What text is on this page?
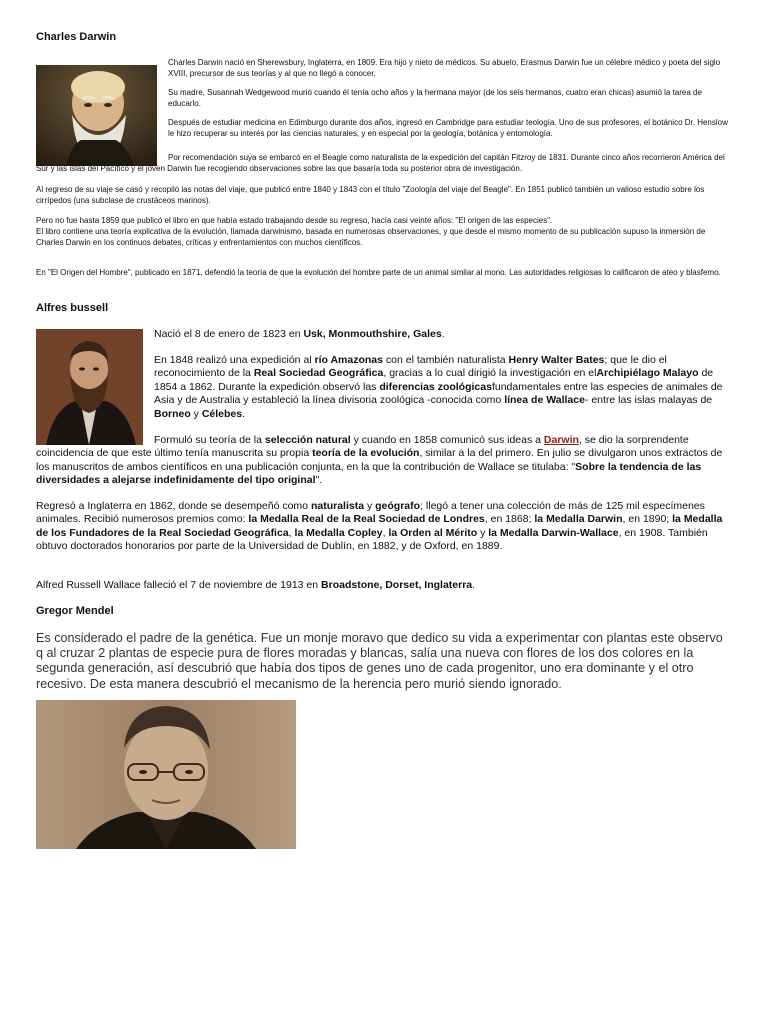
Charles Darwin

Charles Darwin nació en Sherewsbury, Inglaterra, en 1809. Era hijo y nieto de médicos. Su abuelo, Erasmus Darwin fue un célebre médico y poeta del siglo XVIII, precursor de sus teorías y al que no llegó a conocer.

Su madre, Susannah Wedgewood murió cuando él tenía ocho años y la hermana mayor (de los seis hermanos, cuatro eran chicas) asumió la tarea de educarlo.

Después de estudiar medicina en Edimburgo durante dos años, ingresó en Cambridge para estudiar teología. Uno de sus profesores, el botánico Dr. Henslow le hizo recuperar su interés por las ciencias naturales, y en especial por la geología, botánica y entomología.

Por recomendación suya se embarcó en el Beagle como naturalista de la expedición del capitán Fitzroy de 1831. Durante cinco años recorrieron América del Sur y las islas del Pacífico y el joven Darwin fue recogiendo observaciones sobre las que basaría toda su posterior obra de investigación.
Al regreso de su viaje se casó y recopiló las notas del viaje, que publicó entre 1840 y 1843 con el título "Zoología del viaje del Beagle". En 1851 publicó también un valioso estudio sobre los cirrípedos (una subclase de crustáceos marinos).
Pero no fue hasta 1859 que publicó el libro en que había estado trabajando desde su regreso, hacía casi veinte años: "El origen de las especies".
El libro contiene una teoría explicativa de la evolución, llamada darwinismo, basada en numerosas observaciones, y que desde el mismo momento de su publicación supuso la inmersión de Charles Darwin en los continuos debates, críticas y enfrentamientos con muchos científicos.
En "El Origen del Hombre", publicado en 1871, defendió la teoría de que la evolución del hombre parte de un animal similar al mono. Las autoridades religiosas lo calificaron de ateo y blasfemo.
Alfres bussell
Nació el 8 de enero de 1823 en Usk, Monmouthshire, Gales.
En 1848 realizó una expedición al río Amazonas con el también naturalista Henry Walter Bates; que le dio el reconocimiento de la Real Sociedad Geográfica, gracias a lo cual dirigió la investigación en elArchipiélago Malayo de 1854 a 1862. Durante la expedición observó las diferencias zoológicasfundamentales entre las especies de animales de Asia y de Australia y estableció la línea divisoria zoológica -conocida como línea de Wallace- entre las islas malayas de Borneo y Célebes.
Formuló su teoría de la selección natural y cuando en 1858 comunicó sus ideas a Darwin, se dio la sorprendente coincidencia de que este último tenía manuscrita su propia teoría de la evolución, similar a la del primero. En julio se divulgaron unos extractos de los manuscritos de ambos científicos en una publicación conjunta, en la que la contribución de Wallace se titulaba: "Sobre la tendencia de las diversidades a alejarse indefinidamente del tipo original".
Regresó a Inglaterra en 1862, donde se desempeñó como naturalista y geógrafo; llegó a tener una colección de más de 125 mil especímenes animales. Recibió numerosos premios como: la Medalla Real de la Real Sociedad de Londres, en 1868; la Medalla Darwin, en 1890; la Medalla de los Fundadores de la Real Sociedad Geográfica, la Medalla Copley, la Orden al Mérito y la Medalla Darwin-Wallace, en 1908. También obtuvo doctorados honorarios por parte de la Universidad de Dublín, en 1882, y de Oxford, en 1889.
Alfred Russell Wallace falleció el 7 de noviembre de 1913 en Broadstone, Dorset, Inglaterra.
Gregor Mendel
Es considerado el padre de la genética. Fue un monje moravo que dedico su vida a experimentar con plantas este observo q al cruzar 2 plantas de especie pura de flores moradas y blancas, salía una nueva con flores de los dos colores en la segunda generación, así descubrió que había dos tipos de genes uno de cada progenitor, uno era dominante y el otro recesivo. De esta manera descubrió el mecanismo de la herencia pero murió siendo ignorado.
